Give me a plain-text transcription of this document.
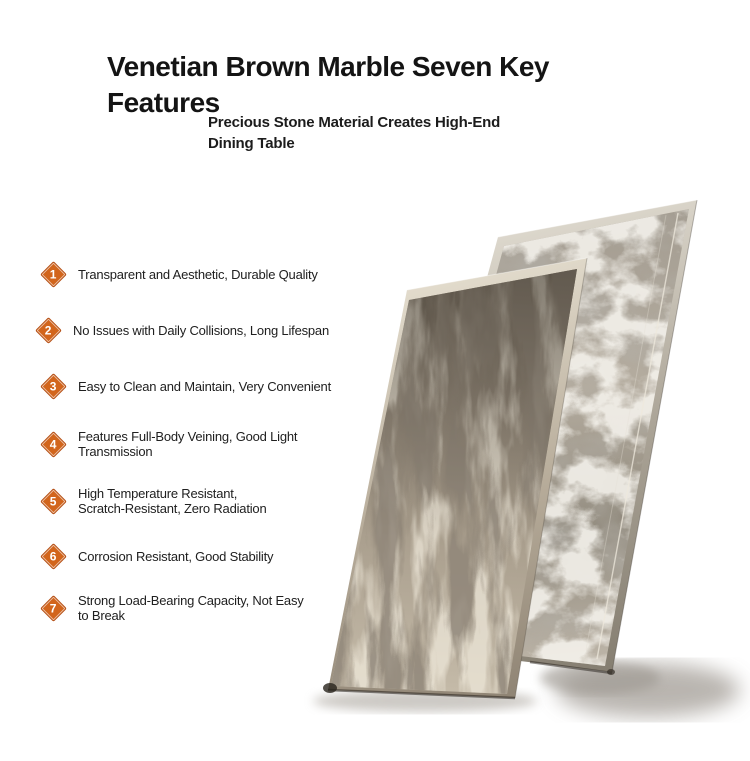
Venetian Brown Marble Seven Key
Features
Precious Stone Material Creates High-End
Dining Table
1 Transparent and Aesthetic, Durable Quality
2 No Issues with Daily Collisions, Long Lifespan
3 Easy to Clean and Maintain, Very Convenient
4 Features Full-Body Veining, Good Light
Transmission
5 High Temperature Resistant,
Scratch-Resistant, Zero Radiation
6 Corrosion Resistant, Good Stability
7 Strong Load-Bearing Capacity, Not Easy
to Break
